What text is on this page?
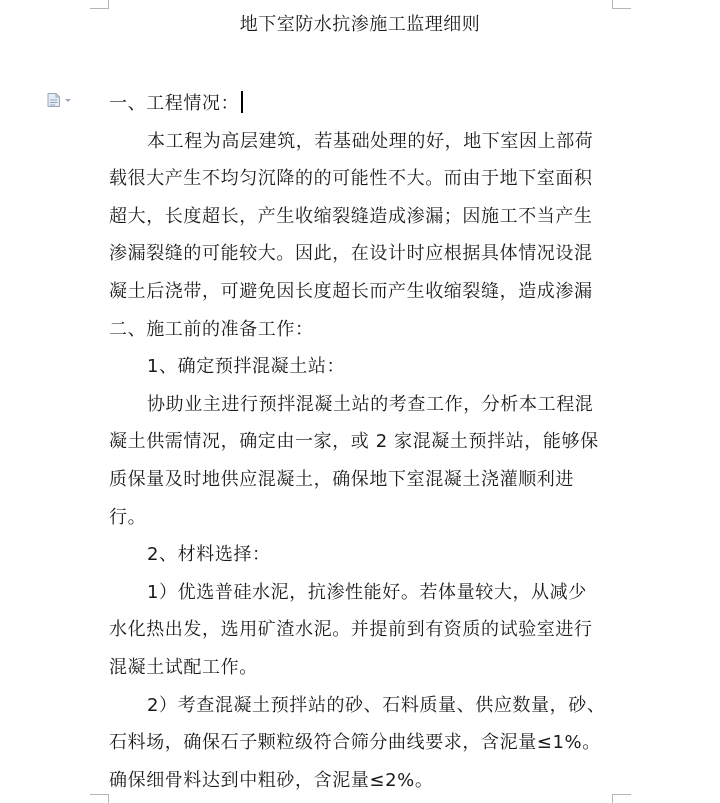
地下室防水抗渗施工监理细则
一、工程情况：
本工程为高层建筑，若基础处理的好，地下室因上部荷
载很大产生不均匀沉降的的可能性不大。而由于地下室面积
超大，长度超长，产生收缩裂缝造成渗漏；因施工不当产生
渗漏裂缝的可能较大。因此，在设计时应根据具体情况设混
凝土后浇带，可避免因长度超长而产生收缩裂缝，造成渗漏
二、施工前的准备工作：
1、确定预拌混凝土站：
协助业主进行预拌混凝土站的考查工作，分析本工程混
凝土供需情况，确定由一家，或 2 家混凝土预拌站，能够保
质保量及时地供应混凝土，确保地下室混凝土浇灌顺利进
行。
2、材料选择：
1）优选普硅水泥，抗渗性能好。若体量较大，从减少
水化热出发，选用矿渣水泥。并提前到有资质的试验室进行
混凝土试配工作。
2）考查混凝土预拌站的砂、石料质量、供应数量，砂、
石料场，确保石子颗粒级符合筛分曲线要求，含泥量≤1%。
确保细骨料达到中粗砂，含泥量≤2%。
